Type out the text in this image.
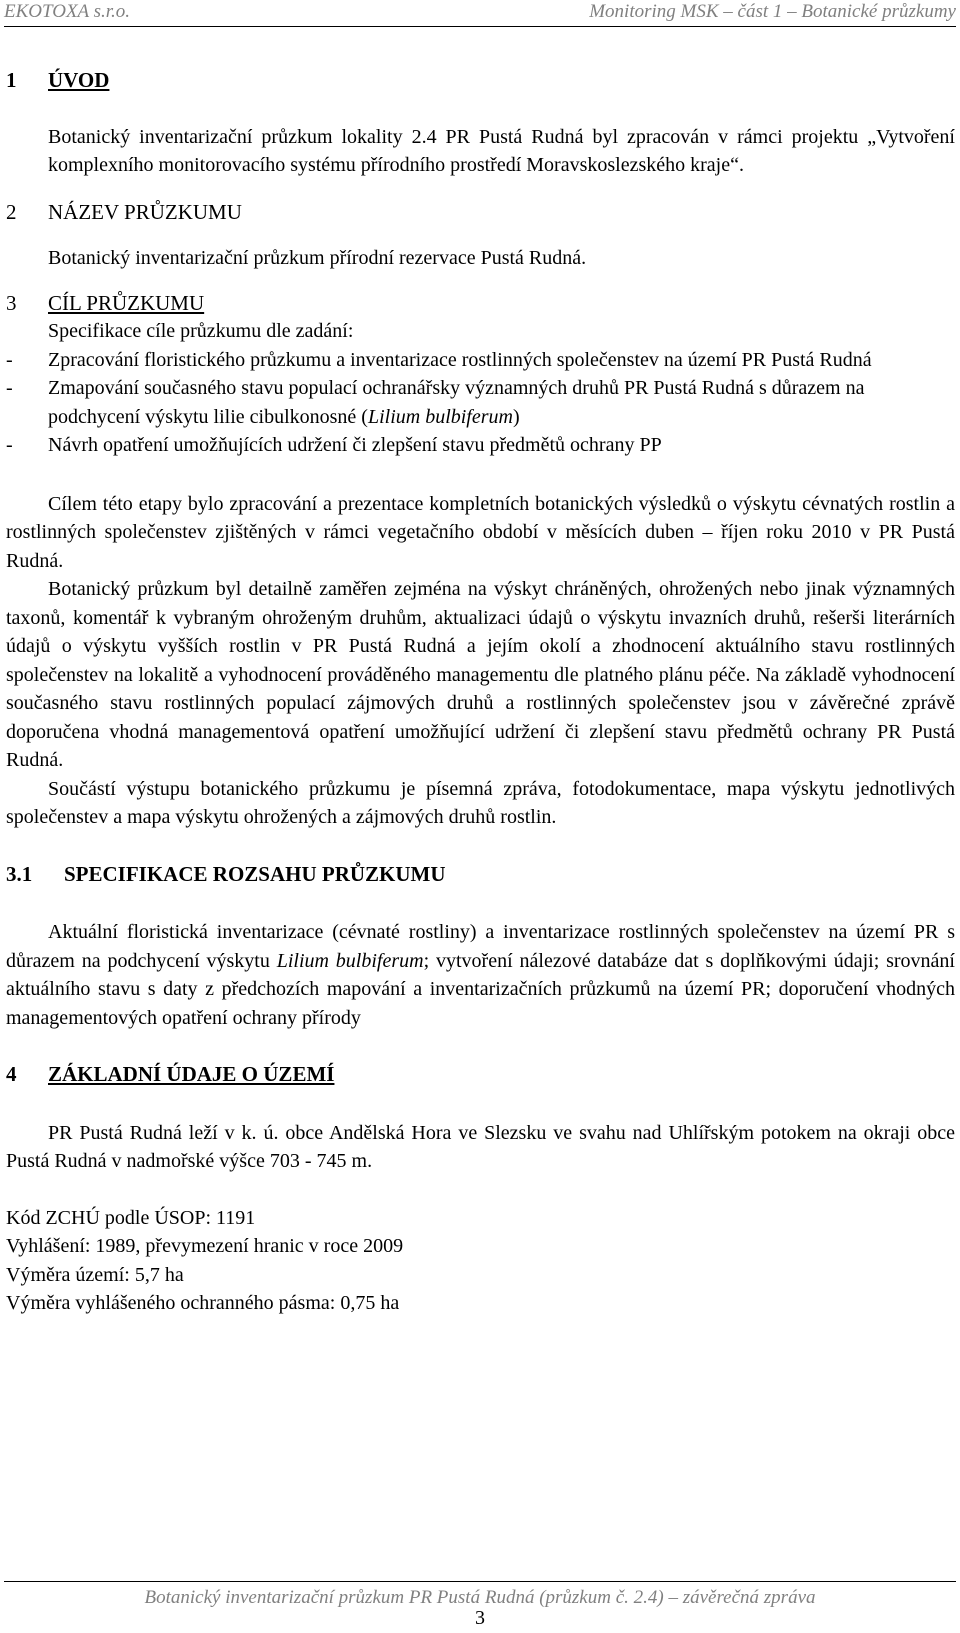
EKOTOXA s.r.o.	Monitoring MSK – část 1 – Botanické průzkumy
1	ÚVOD

Botanický inventarizační průzkum lokality 2.4 PR Pustá Rudná byl zpracován v rámci projektu „Vytvoření komplexního monitorovacího systému přírodního prostředí Moravskoslezského kraje“.

2	NÁZEV PRŮZKUMU

Botanický inventarizační průzkum přírodní rezervace Pustá Rudná.

3	CÍL PRŮZKUMU

Specifikace cíle průzkumu dle zadání:

-	Zpracování floristického průzkumu a inventarizace rostlinných společenstev na území PR Pustá Rudná
-	Zmapování současného stavu populací ochranářsky významných druhů PR Pustá Rudná s důrazem na podchycení výskytu lilie cibulkonosné (Lilium bulbiferum)
-	Návrh opatření umožňujících udržení či zlepšení stavu předmětů ochrany PP

Cílem této etapy bylo zpracování a prezentace kompletních botanických výsledků o výskytu cévnatých rostlin a rostlinných společenstev zjištěných v rámci vegetačního období v měsících duben – říjen roku 2010 v PR Pustá Rudná.

Botanický průzkum byl detailně zaměřen zejména na výskyt chráněných, ohrožených nebo jinak významných taxonů, komentář k vybraným ohroženým druhům, aktualizaci údajů o výskytu invazních druhů, rešerši literárních údajů o výskytu vyšších rostlin v PR Pustá Rudná a jejím okolí a zhodnocení aktuálního stavu rostlinných společenstev na lokalitě a vyhodnocení prováděného managementu dle platného plánu péče. Na základě vyhodnocení současného stavu rostlinných populací zájmových druhů a rostlinných společenstev jsou v závěrečné zprávě doporučena vhodná managementová opatření umožňující udržení či zlepšení stavu předmětů ochrany PR Pustá Rudná.

Součástí výstupu botanického průzkumu je písemná zpráva, fotodokumentace, mapa výskytu jednotlivých společenstev a mapa výskytu ohrožených a zájmových druhů rostlin.

3.1	SPECIFIKACE ROZSAHU PRŮZKUMU

Aktuální floristická inventarizace (cévnaté rostliny) a inventarizace rostlinných společenstev na území PR s důrazem na podchycení výskytu Lilium bulbiferum; vytvoření nálezové databáze dat s doplňkovými údaji; srovnání aktuálního stavu s daty z předchozích mapování a inventarizačních průzkumů na území PR; doporučení vhodných managementových opatření ochrany přírody

4	ZÁKLADNÍ ÚDAJE O ÚZEMÍ

PR Pustá Rudná leží v k. ú. obce Andělská Hora ve Slezsku ve svahu nad Uhlířským potokem na okraji obce Pustá Rudná v nadmořské výšce 703 - 745 m.

Kód ZCHÚ podle ÚSOP: 1191

Vyhlášení: 1989, převymezení hranic v roce 2009

Výměra území: 5,7 ha

Výměra vyhlášeného ochranného pásma: 0,75 ha

Botanický inventarizační průzkum PR Pustá Rudná (průzkum č. 2.4) – závěrečná zpráva
3
